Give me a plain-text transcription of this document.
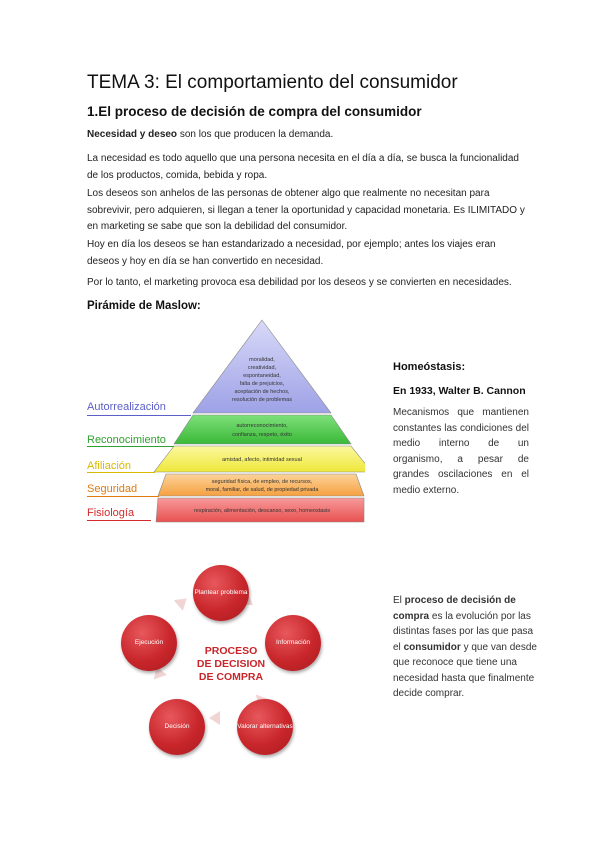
TEMA 3: El comportamiento del consumidor
1.El proceso de decisión de compra del consumidor
Necesidad y deseo son los que producen la demanda.
La necesidad es todo aquello que una persona necesita en el día a día, se busca la funcionalidad de los productos, comida, bebida y ropa.
Los deseos son anhelos de las personas de obtener algo que realmente no necesitan para sobrevivir, pero adquieren, si llegan a tener la oportunidad y capacidad monetaria. Es ILIMITADO y en marketing se sabe que son la debilidad del consumidor.
Hoy en día los deseos se han estandarizado a necesidad, por ejemplo; antes los viajes eran deseos y hoy en día se han convertido en necesidad.
Por lo tanto, el marketing provoca esa debilidad por los deseos y se convierten en necesidades.
Pirámide de Maslow:
moralidad,
creatividad,
espontaneidad,
falta de prejuicios,
aceptación de hechos,
resolución de problemas
autorreconocimiento,
confianza, respeto, éxito
amistad, afecto, intimidad sexual
seguridad física, de empleo, de recursos,
moral, familiar, de salud, de propiedad privada
respiración, alimentación, descanso, sexo, homeostasis
Autorrealización
Reconocimiento
Afiliación
Seguridad
Fisiología
Homeóstasis:
En 1933, Walter B. Cannon
Mecanismos que mantienen constantes las condiciones del medio interno de un organismo, a pesar de grandes oscilaciones en el medio externo.
Plantear problema
Información
Valorar alternativas
Decisión
Ejecución
PROCESO
DE DECISION
DE COMPRA
El proceso de decisión de compra es la evolución por las distintas fases por las que pasa el consumidor y que van desde que reconoce que tiene una necesidad hasta que finalmente decide comprar.
